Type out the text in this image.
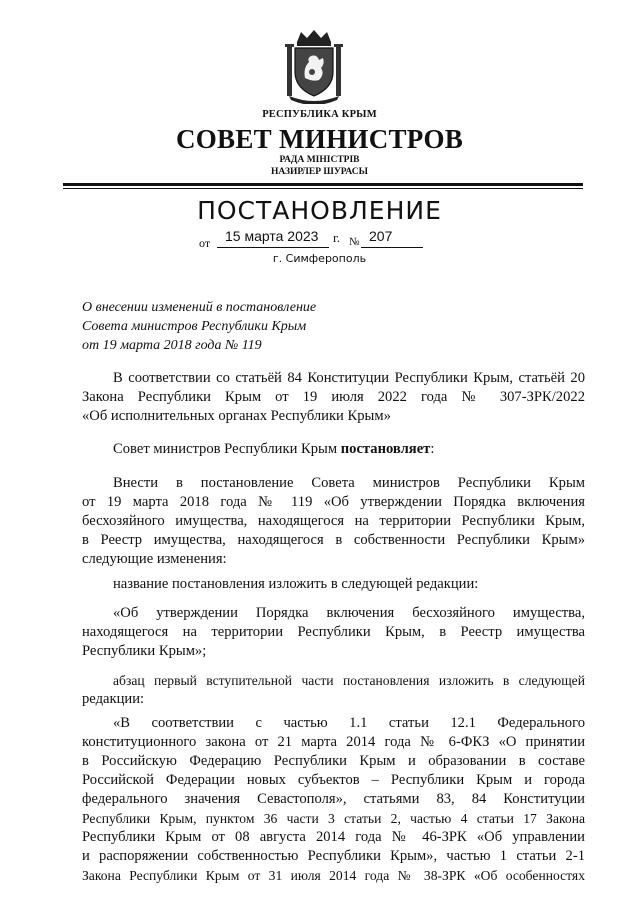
РЕСПУБЛИКА КРЫМ
СОВЕТ МИНИСТРОВ
РАДА МІНІСТРІВ
НАЗИРЛЕР ШУРАСЫ
ПОСТАНОВЛЕНИЕ
от 15 марта 2023 г. № 207
г. Симферополь
О внесении изменений в постановление
Совета министров Республики Крым
от 19 марта 2018 года № 119
В соответствии со статьёй 84 Конституции Республики Крым, статьёй 20
Закона Республики Крым от 19 июля 2022 года № 307-ЗРК/2022
«Об исполнительных органах Республики Крым»
Совет министров Республики Крым постановляет:
Внести в постановление Совета министров Республики Крым
от 19 марта 2018 года № 119 «Об утверждении Порядка включения
бесхозяйного имущества, находящегося на территории Республики Крым,
в Реестр имущества, находящегося в собственности Республики Крым»
следующие изменения:
название постановления изложить в следующей редакции:
«Об утверждении Порядка включения бесхозяйного имущества,
находящегося на территории Республики Крым, в Реестр имущества
Республики Крым»;
абзац первый вступительной части постановления изложить в следующей
редакции:
«В соответствии с частью 1.1 статьи 12.1 Федерального
конституционного закона от 21 марта 2014 года № 6-ФКЗ «О принятии
в Российскую Федерацию Республики Крым и образовании в составе
Российской Федерации новых субъектов – Республики Крым и города
федерального значения Севастополя», статьями 83, 84 Конституции
Республики Крым, пунктом 36 части 3 статьи 2, частью 4 статьи 17 Закона
Республики Крым от 08 августа 2014 года № 46-ЗРК «Об управлении
и распоряжении собственностью Республики Крым», частью 1 статьи 2-1
Закона Республики Крым от 31 июля 2014 года № 38-ЗРК «Об особенностях
